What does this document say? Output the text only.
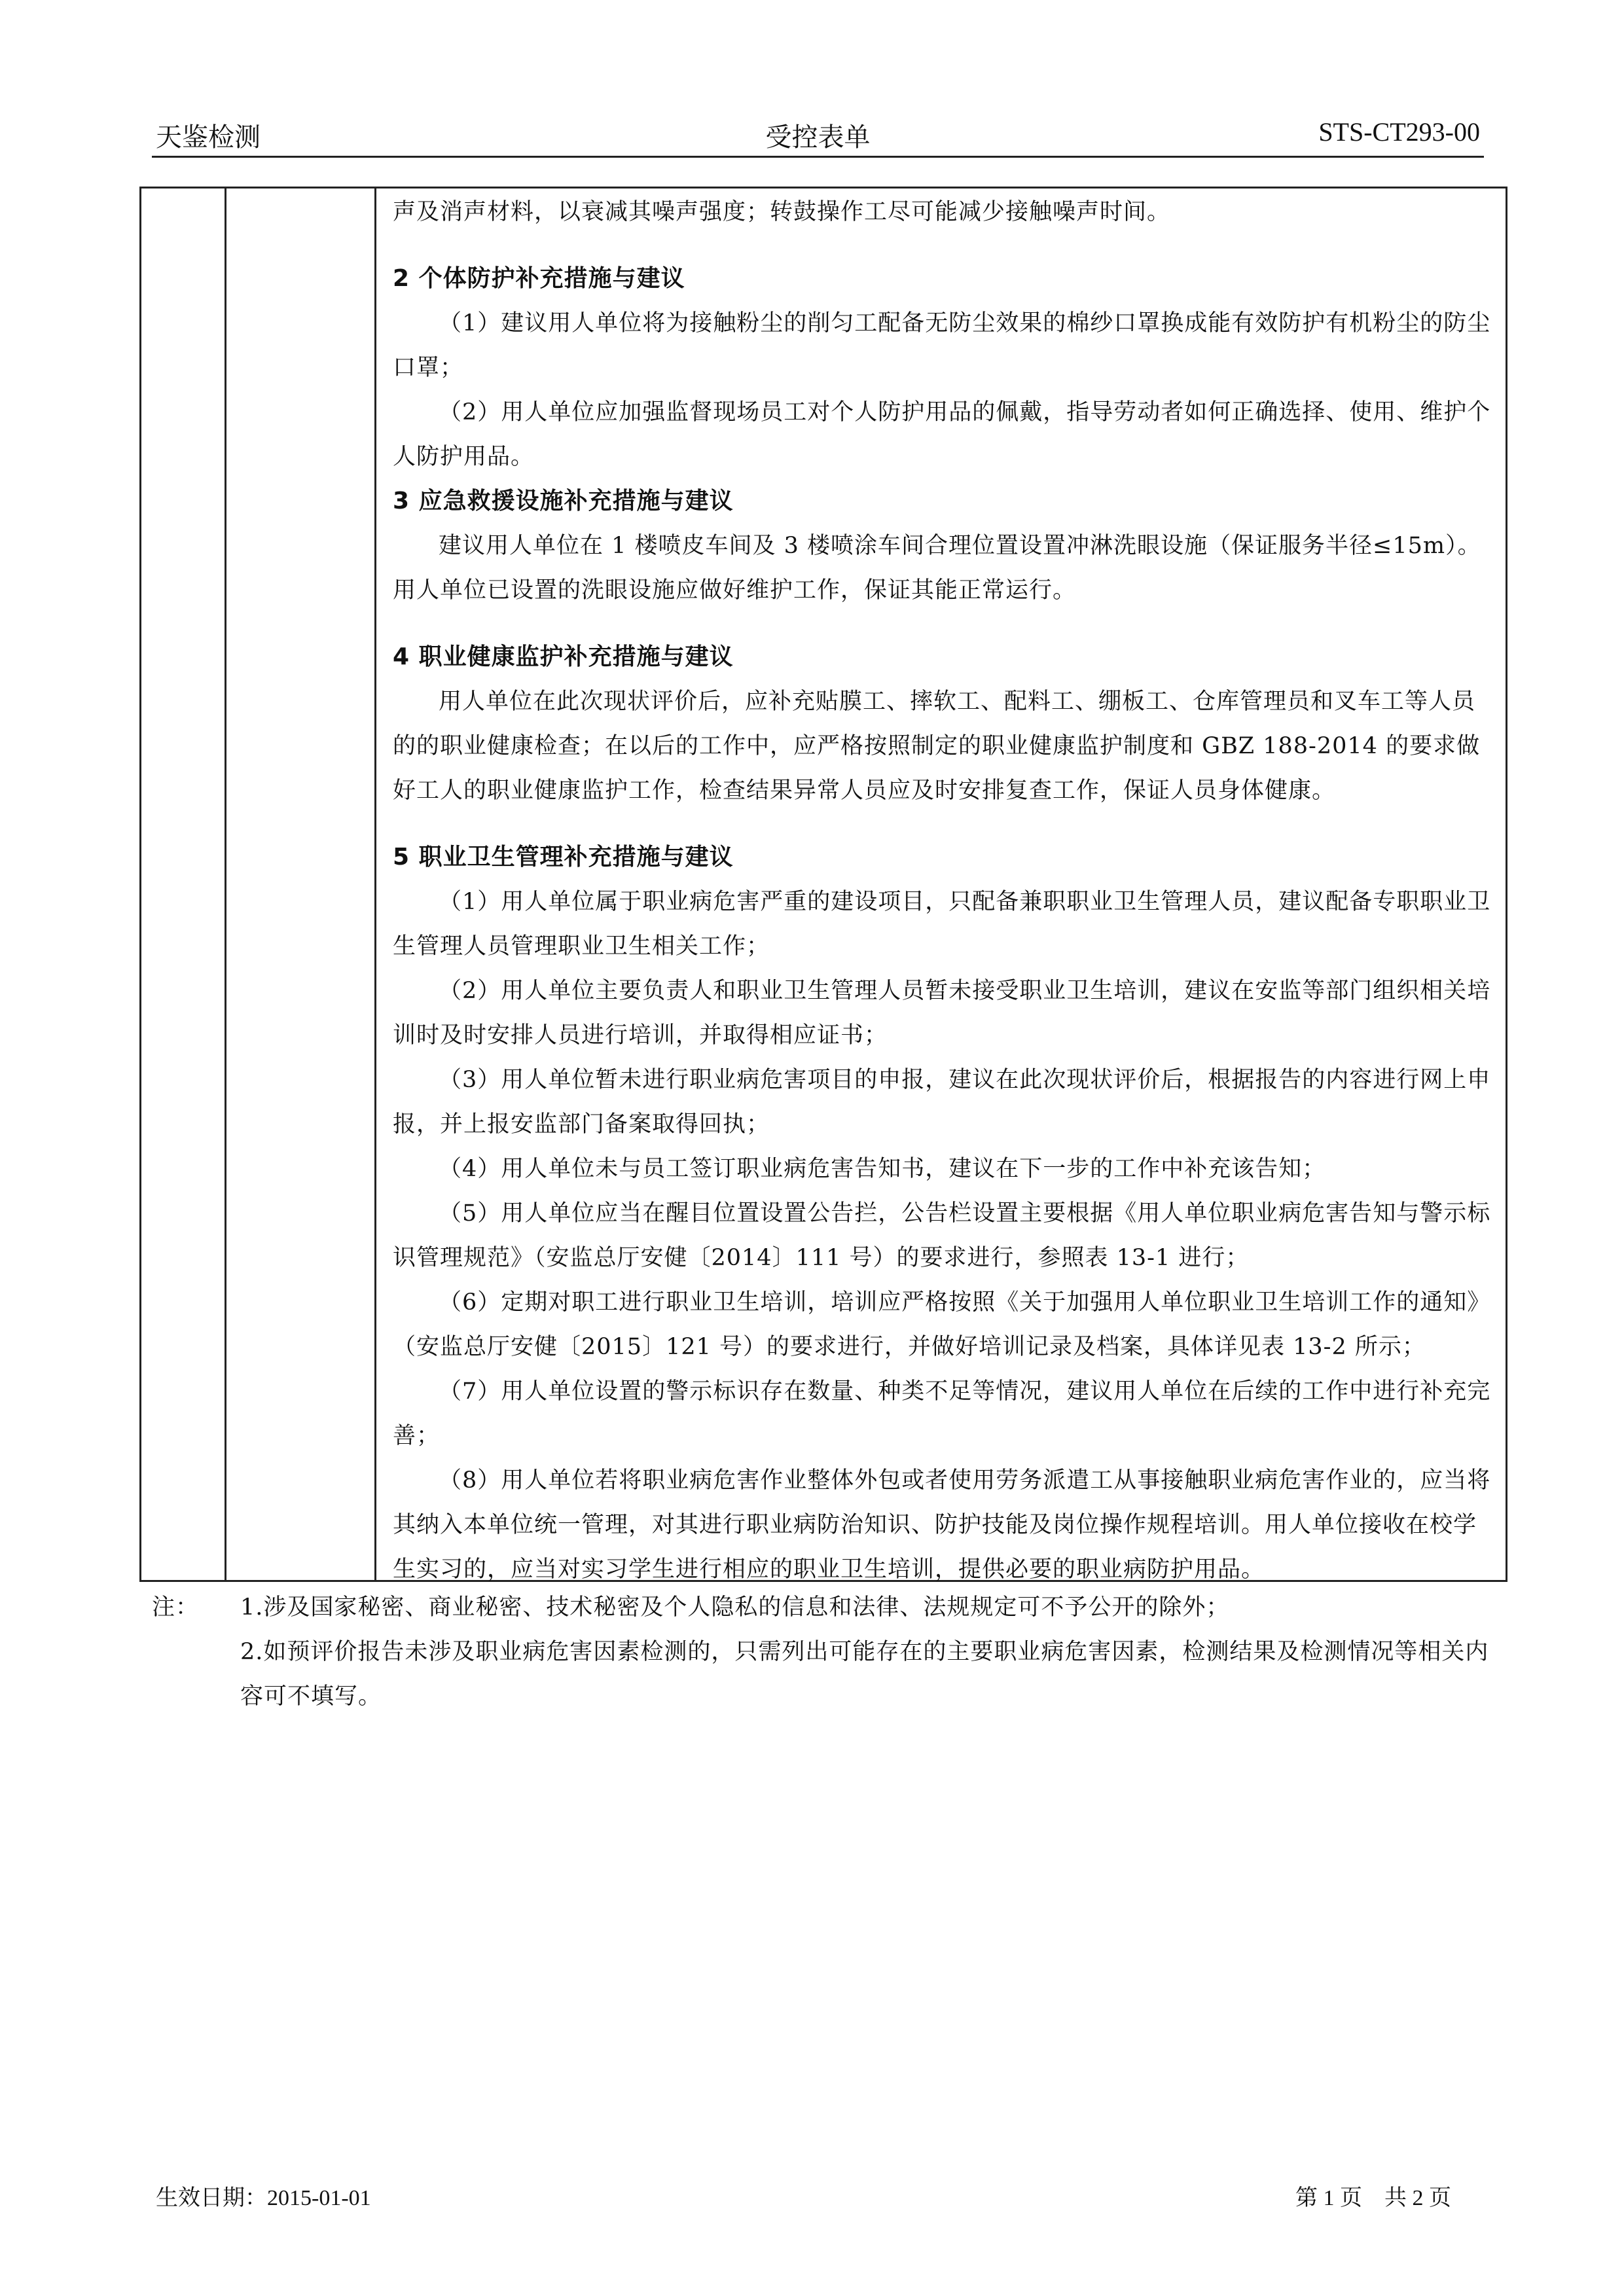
天鉴检测	受控表单	STS-CT293-00

声及消声材料，以衰减其噪声强度；转鼓操作工尽可能减少接触噪声时间。

2 个体防护补充措施与建议

（1）建议用人单位将为接触粉尘的削匀工配备无防尘效果的棉纱口罩换成能有效防护有机粉尘的防尘口罩；

（2）用人单位应加强监督现场员工对个人防护用品的佩戴，指导劳动者如何正确选择、使用、维护个人防护用品。

3 应急救援设施补充措施与建议

建议用人单位在 1 楼喷皮车间及 3 楼喷涂车间合理位置设置冲淋洗眼设施（保证服务半径≤15m）。用人单位已设置的洗眼设施应做好维护工作，保证其能正常运行。

4 职业健康监护补充措施与建议

用人单位在此次现状评价后，应补充贴膜工、摔软工、配料工、绷板工、仓库管理员和叉车工等人员的的职业健康检查；在以后的工作中，应严格按照制定的职业健康监护制度和 GBZ 188-2014 的要求做好工人的职业健康监护工作，检查结果异常人员应及时安排复查工作，保证人员身体健康。

5 职业卫生管理补充措施与建议

（1）用人单位属于职业病危害严重的建设项目，只配备兼职职业卫生管理人员，建议配备专职职业卫生管理人员管理职业卫生相关工作；

（2）用人单位主要负责人和职业卫生管理人员暂未接受职业卫生培训，建议在安监等部门组织相关培训时及时安排人员进行培训，并取得相应证书；

（3）用人单位暂未进行职业病危害项目的申报，建议在此次现状评价后，根据报告的内容进行网上申报，并上报安监部门备案取得回执；

（4）用人单位未与员工签订职业病危害告知书，建议在下一步的工作中补充该告知；

（5）用人单位应当在醒目位置设置公告拦，公告栏设置主要根据《用人单位职业病危害告知与警示标识管理规范》（安监总厅安健〔2014〕111 号）的要求进行，参照表 13-1 进行；

（6）定期对职工进行职业卫生培训，培训应严格按照《关于加强用人单位职业卫生培训工作的通知》（安监总厅安健〔2015〕121 号）的要求进行，并做好培训记录及档案，具体详见表 13-2 所示；

（7）用人单位设置的警示标识存在数量、种类不足等情况，建议用人单位在后续的工作中进行补充完善；

（8）用人单位若将职业病危害作业整体外包或者使用劳务派遣工从事接触职业病危害作业的，应当将其纳入本单位统一管理，对其进行职业病防治知识、防护技能及岗位操作规程培训。用人单位接收在校学生实习的，应当对实习学生进行相应的职业卫生培训，提供必要的职业病防护用品。

注： 1.涉及国家秘密、商业秘密、技术秘密及个人隐私的信息和法律、法规规定可不予公开的除外；

2.如预评价报告未涉及职业病危害因素检测的，只需列出可能存在的主要职业病危害因素，检测结果及检测情况等相关内容可不填写。

生效日期：2015-01-01	第 1 页　共 2 页
